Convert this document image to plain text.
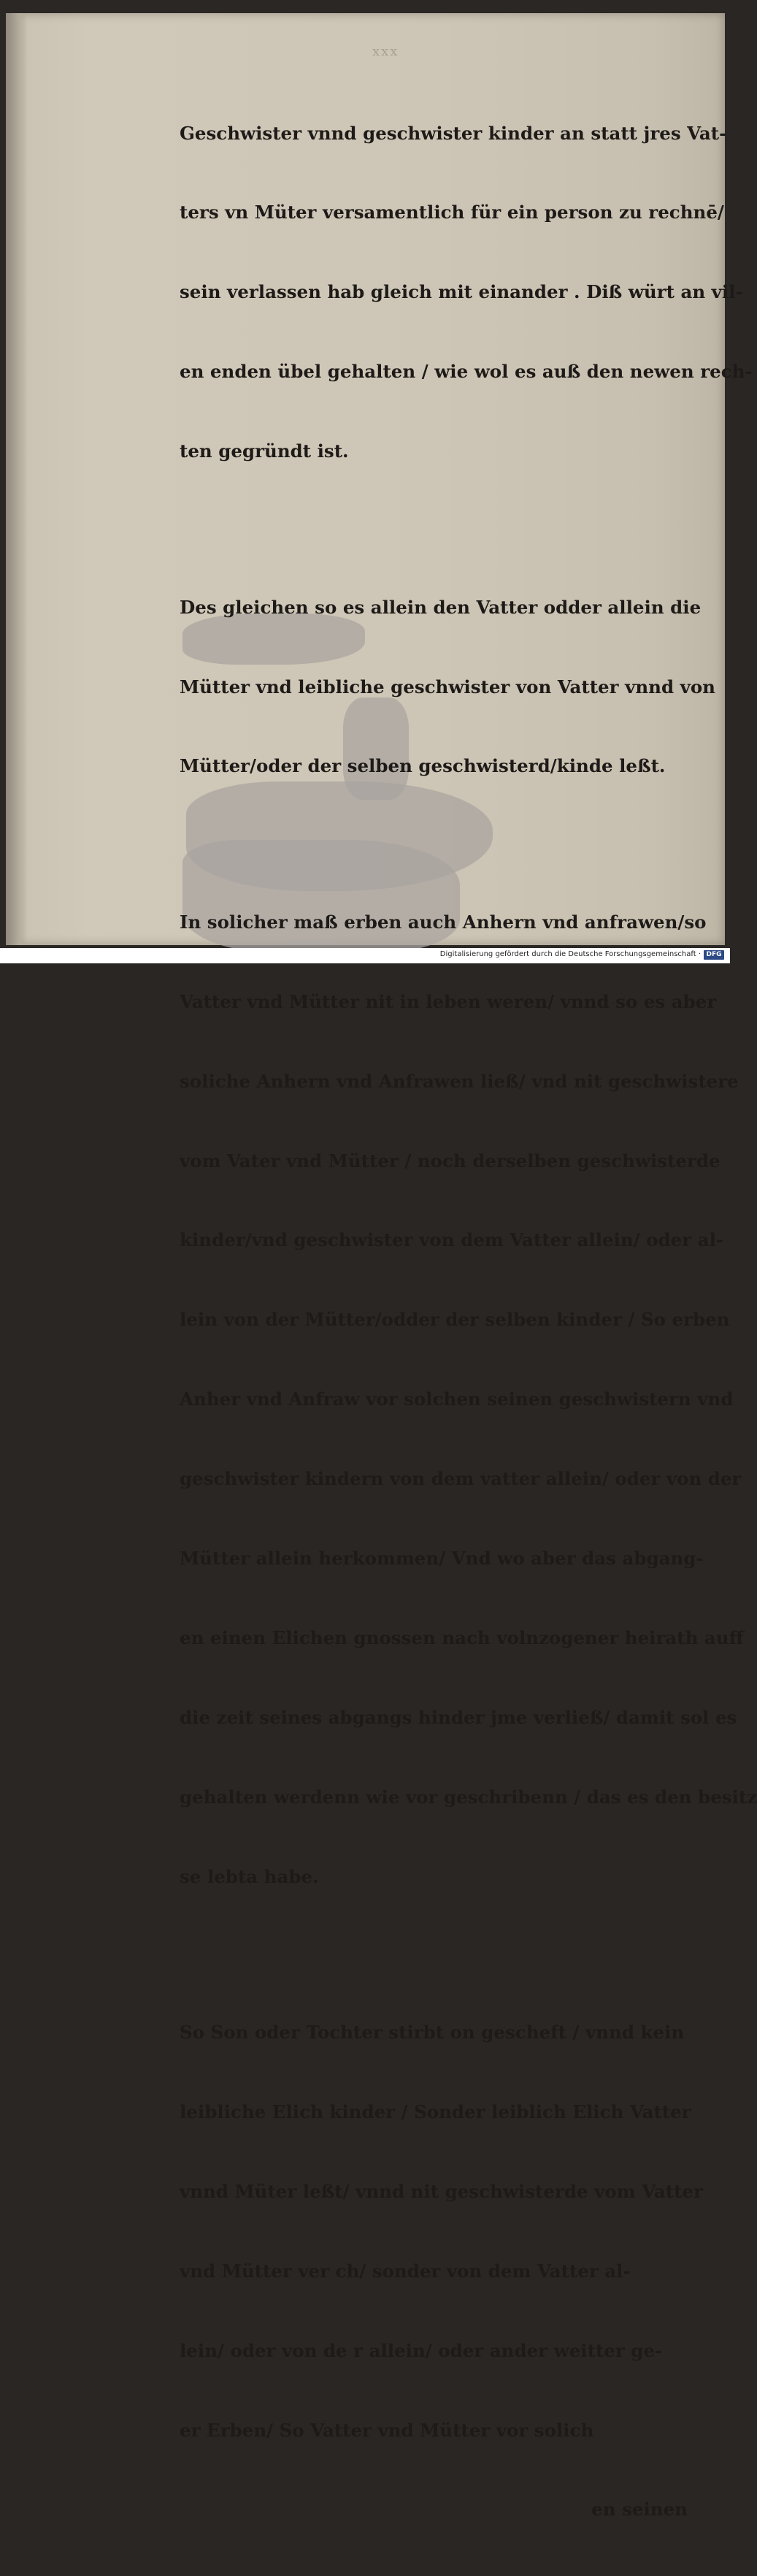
xxx

Geschwister vnnd geschwister kinder an statt jres Vat-

ters vn Müter versamentlich für ein person zu rechnē/

sein verlassen hab gleich mit einander . Diß würt an vil-

en enden übel gehalten / wie wol es auß den newen rech-

ten gegründt ist.

Des gleichen so es allein den Vatter odder allein die

Mütter vnd leibliche geschwister von Vatter vnnd von

Mütter/oder der selben geschwisterd/kinde leßt.

In solicher maß erben auch Anhern vnd anfrawen/so

Vatter vnd Mütter nit in leben weren/ vnnd so es aber

soliche Anhern vnd Anfrawen ließ/ vnd nit geschwistere

vom Vater vnd Mütter / noch derselben geschwisterde

kinder/vnd geschwister von dem Vatter allein/ oder al-

lein von der Mütter/odder der selben kinder / So erben

Anher vnd Anfraw vor solchen seinen geschwistern vnd

geschwister kindern von dem vatter allein/ oder von der

Mütter allein herkommen/ Vnd wo aber das abgang-

en einen Elichen gnossen nach volnzogener heirath auff

die zeit seines abgangs hinder jme verließ/ damit sol es

gehalten werdenn wie vor geschribenn / das es den besitz

se lebta habe.

So Son oder Tochter stirbt on gescheft / vnnd kein

leibliche Elich kinder / Sonder leiblich Elich Vatter

vnnd Müter leßt/ vnnd nit geschwisterde vom Vatter

vnd Mütter ver ch/ sonder von dem Vatter al-

lein/ oder von de r allein/ oder ander weitter ge-

er Erben/ So Vatter vnd Mütter vor solich

en seinen

Digitalisierung gefördert durch die Deutsche Forschungsgemeinschaft · DFG
